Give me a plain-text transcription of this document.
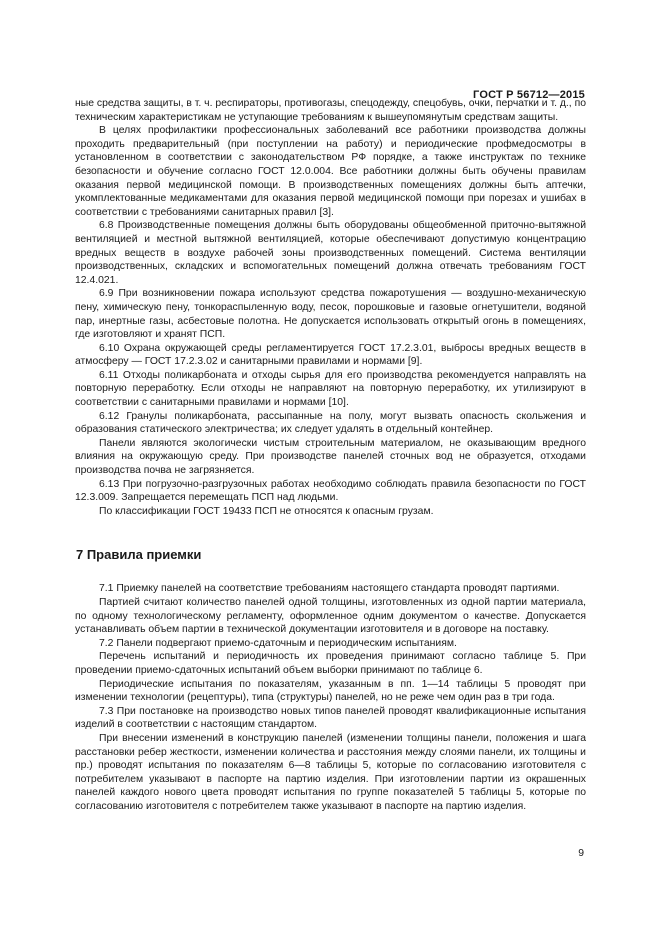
ГОСТ Р 56712—2015

ные средства защиты, в т. ч. респираторы, противогазы, спецодежду, спецобувь, очки, перчатки и т. д., по техническим характеристикам не уступающие требованиям к вышеупомянутым средствам защиты.

В целях профилактики профессиональных заболеваний все работники производства должны проходить предварительный (при поступлении на работу) и периодические профмедосмотры в установленном в соответствии с законодательством РФ порядке, а также инструктаж по технике безопасности и обучение согласно ГОСТ 12.0.004. Все работники должны быть обучены правилам оказания первой медицинской помощи. В производственных помещениях должны быть аптечки, укомплектованные медикаментами для оказания первой медицинской помощи при порезах и ушибах в соответствии с требованиями санитарных правил [3].

6.8 Производственные помещения должны быть оборудованы общеобменной приточно-вытяжной вентиляцией и местной вытяжной вентиляцией, которые обеспечивают допустимую концентрацию вредных веществ в воздухе рабочей зоны производственных помещений. Система вентиляции производственных, складских и вспомогательных помещений должна отвечать требованиям ГОСТ 12.4.021.

6.9 При возникновении пожара используют средства пожаротушения — воздушно-механическую пену, химическую пену, тонкораспыленную воду, песок, порошковые и газовые огнетушители, водяной пар, инертные газы, асбестовые полотна. Не допускается использовать открытый огонь в помещениях, где изготовляют и хранят ПСП.

6.10 Охрана окружающей среды регламентируется ГОСТ 17.2.3.01, выбросы вредных веществ в атмосферу — ГОСТ 17.2.3.02 и санитарными правилами и нормами [9].

6.11 Отходы поликарбоната и отходы сырья для его производства рекомендуется направлять на повторную переработку. Если отходы не направляют на повторную переработку, их утилизируют в соответствии с санитарными правилами и нормами [10].

6.12 Гранулы поликарбоната, рассыпанные на полу, могут вызвать опасность скольжения и образования статического электричества; их следует удалять в отдельный контейнер.

Панели являются экологически чистым строительным материалом, не оказывающим вредного влияния на окружающую среду. При производстве панелей сточных вод не образуется, отходами производства почва не загрязняется.

6.13 При погрузочно-разгрузочных работах необходимо соблюдать правила безопасности по ГОСТ 12.3.009. Запрещается перемещать ПСП над людьми.

По классификации ГОСТ 19433 ПСП не относятся к опасным грузам.

7 Правила приемки

7.1 Приемку панелей на соответствие требованиям настоящего стандарта проводят партиями.

Партией считают количество панелей одной толщины, изготовленных из одной партии материала, по одному технологическому регламенту, оформленное одним документом о качестве. Допускается устанавливать объем партии в технической документации изготовителя и в договоре на поставку.

7.2 Панели подвергают приемо-сдаточным и периодическим испытаниям.

Перечень испытаний и периодичность их проведения принимают согласно таблице 5. При проведении приемо-сдаточных испытаний объем выборки принимают по таблице 6.

Периодические испытания по показателям, указанным в пп. 1—14 таблицы 5 проводят при изменении технологии (рецептуры), типа (структуры) панелей, но не реже чем один раз в три года.

7.3 При постановке на производство новых типов панелей проводят квалификационные испытания изделий в соответствии с настоящим стандартом.

При внесении изменений в конструкцию панелей (изменении толщины панели, положения и шага расстановки ребер жесткости, изменении количества и расстояния между слоями панели, их толщины и пр.) проводят испытания по показателям 6—8 таблицы 5, которые по согласованию изготовителя с потребителем указывают в паспорте на партию изделия. При изготовлении партии из окрашенных панелей каждого нового цвета проводят испытания по группе показателей 5 таблицы 5, которые по согласованию изготовителя с потребителем также указывают в паспорте на партию изделия.

9
